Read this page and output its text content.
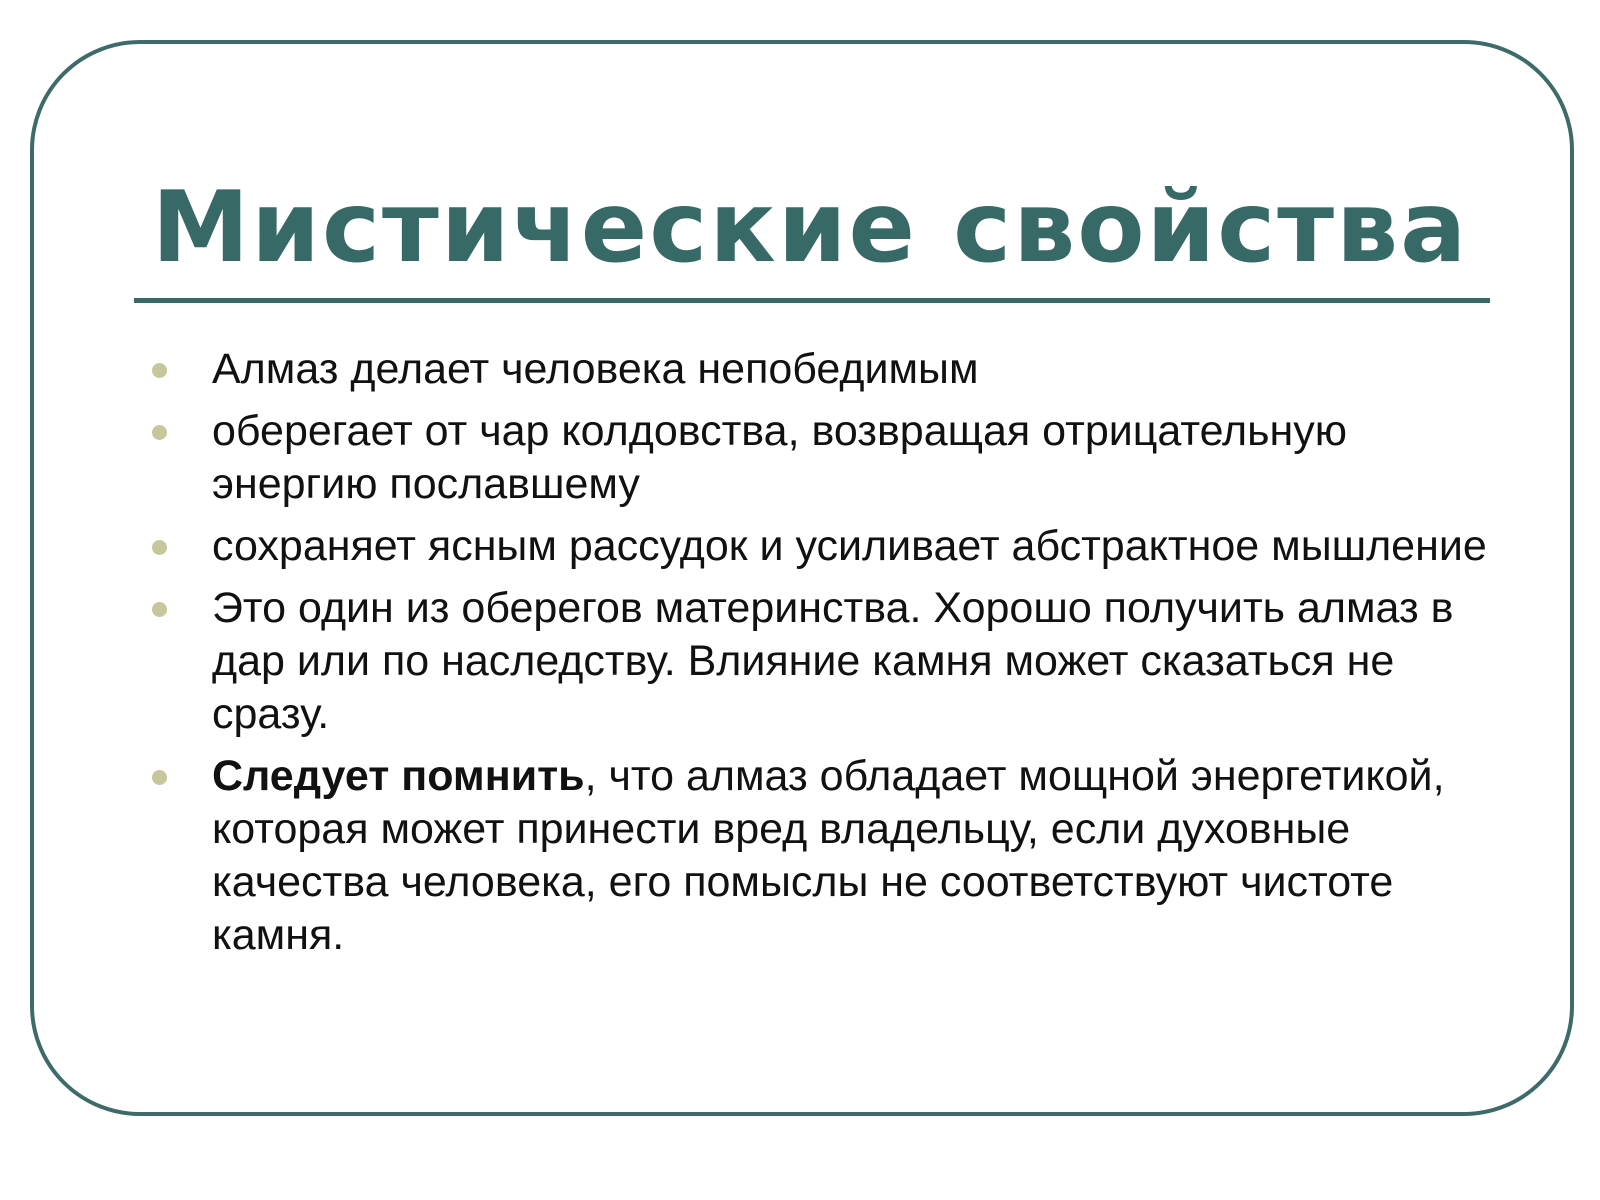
Мистические свойства
Алмаз делает человека непобедимым
оберегает от чар колдовства, возвращая отрицательную энергию пославшему
сохраняет ясным рассудок и усиливает абстрактное мышление
Это один из оберегов материнства. Хорошо получить алмаз в дар или по наследству. Влияние камня может сказаться не сразу.
Следует помнить, что алмаз обладает мощной энергетикой, которая может принести вред владельцу, если духовные качества человека, его помыслы не соответствуют чистоте камня.
